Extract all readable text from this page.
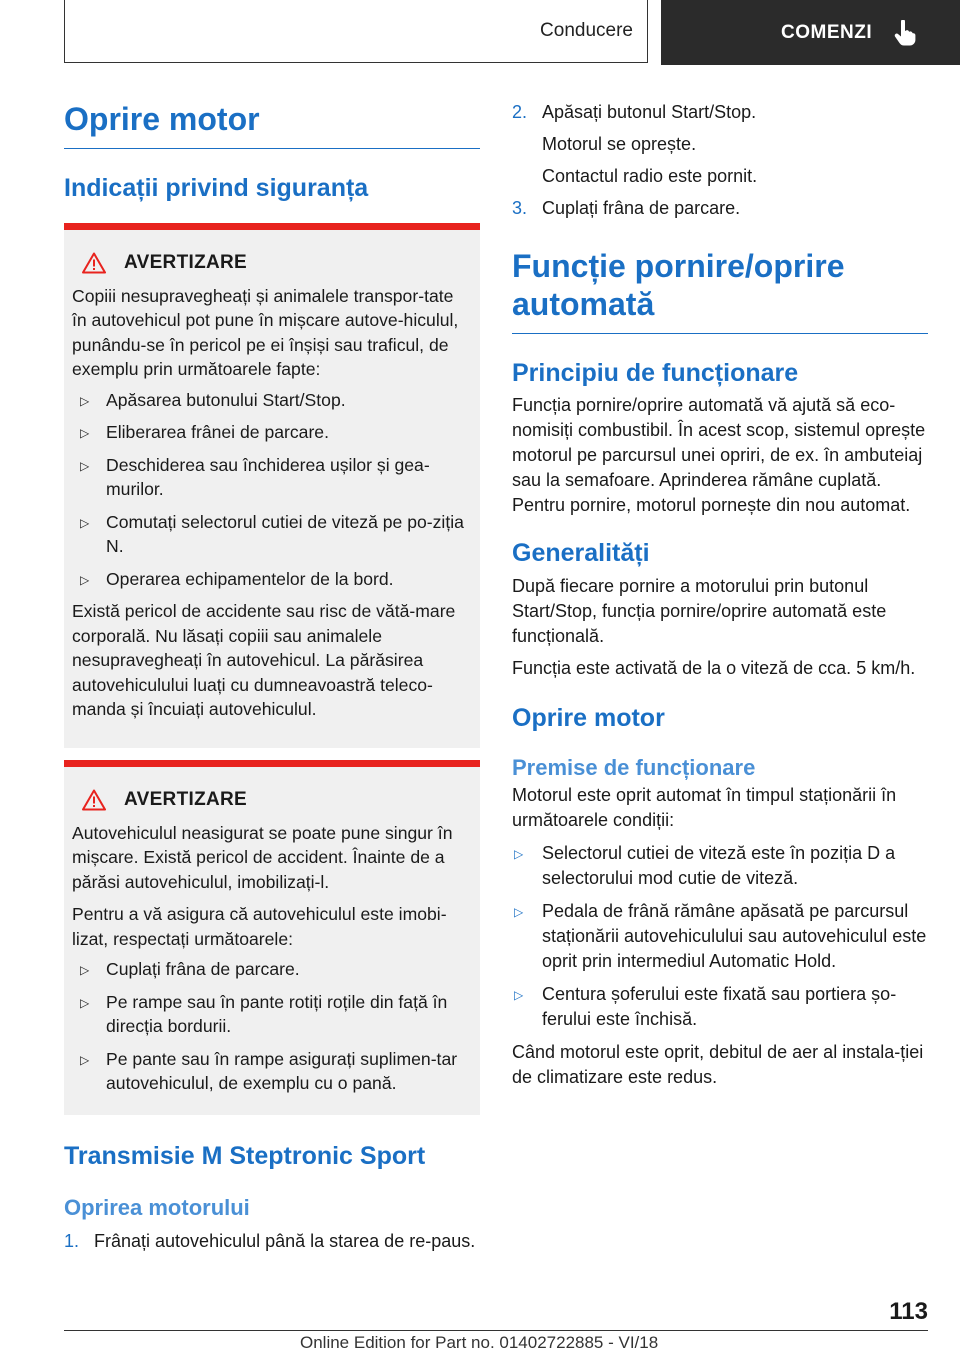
Conducere	COMENZI
Oprire motor
Indicații privind siguranța
AVERTIZARE

Copiii nesupravegheați și animalele transpor-tate în autovehicul pot pune în mișcare autove-hiculul, punându-se în pericol pe ei înșiși sau traficul, de exemplu prin următoarele fapte:

▷ Apăsarea butonului Start/Stop.
▷ Eliberarea frânei de parcare.
▷ Deschiderea sau închiderea ușilor și gea-murilor.
▷ Comutați selectorul cutiei de viteză pe po-ziția N.
▷ Operarea echipamentelor de la bord.

Există pericol de accidente sau risc de vătă-mare corporală. Nu lăsați copiii sau animalele nesupravegheați în autovehicul. La părăsirea autovehiculului luați cu dumneavoastră teleco-manda și încuiați autovehiculul.

AVERTIZARE

Autovehiculul neasigurat se poate pune singur în mișcare. Există pericol de accident. Înainte de a părăsi autovehiculul, imobilizați-l.

Pentru a vă asigura că autovehiculul este imobi-lizat, respectați următoarele:

▷ Cuplați frâna de parcare.
▷ Pe rampe sau în pante rotiți roțile din față în direcția bordurii.
▷ Pe pante sau în rampe asigurați suplimen-tar autovehiculul, de exemplu cu o pană.
Transmisie M Steptronic Sport
Oprirea motorului
1. Frânați autovehiculul până la starea de re-paus.
2. Apăsați butonul Start/Stop.
Motorul se oprește.
Contactul radio este pornit.
3. Cuplați frâna de parcare.
Funcție pornire/oprire automată
Principiu de funcționare

Funcția pornire/oprire automată vă ajută să eco-nomisiți combustibil. În acest scop, sistemul oprește motorul pe parcursul unei opriri, de ex. în ambuteiaj sau la semafoare. Aprinderea rămâne cuplată. Pentru pornire, motorul pornește din nou automat.

Generalități

După fiecare pornire a motorului prin butonul Start/Stop, funcția pornire/oprire automată este funcțională.

Funcția este activată de la o viteză de cca. 5 km/h.

Oprire motor
Premise de funcționare

Motorul este oprit automat în timpul staționării în următoarele condiții:

▷ Selectorul cutiei de viteză este în poziția D a selectorului mod cutie de viteză.
▷ Pedala de frână rămâne apăsată pe parcursul staționării autovehiculului sau autovehiculul este oprit prin intermediul Automatic Hold.
▷ Centura șoferului este fixată sau portiera șo-ferului este închisă.

Când motorul este oprit, debitul de aer al instala-ției de climatizare este redus.

113
Online Edition for Part no. 01402722885 - VI/18
